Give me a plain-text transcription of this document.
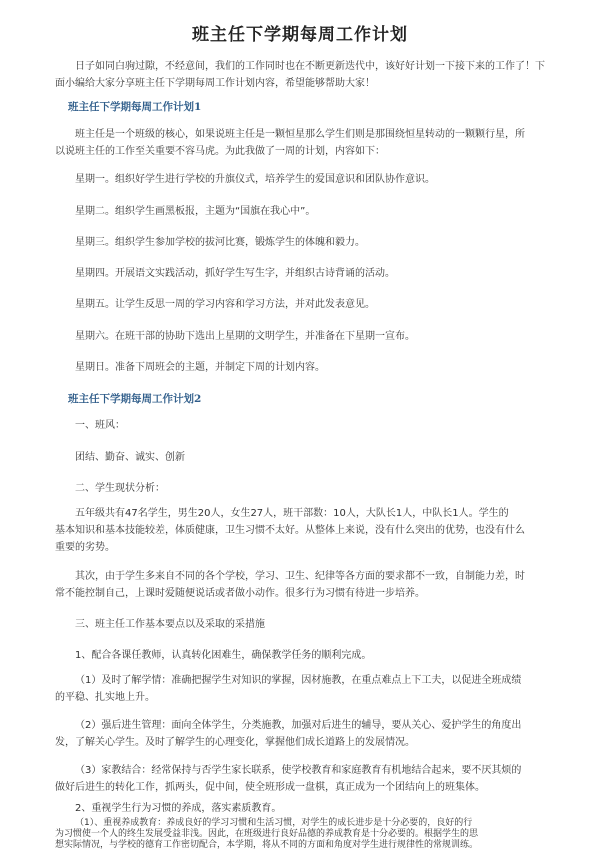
班主任下学期每周工作计划
日子如同白驹过隙，不经意间，我们的工作同时也在不断更新迭代中，该好好计划一下接下来的工作了！下
面小编给大家分享班主任下学期每周工作计划内容，希望能够帮助大家！
班主任下学期每周工作计划1
班主任是一个班级的核心，如果说班主任是一颗恒星那么学生们则是那围绕恒星转动的一颗颗行星，所
以说班主任的工作至关重要不容马虎。为此我做了一周的计划，内容如下：
星期一。组织好学生进行学校的升旗仪式，培养学生的爱国意识和团队协作意识。
星期二。组织学生画黑板报，主题为“国旗在我心中”。
星期三。组织学生参加学校的拔河比赛，锻炼学生的体魄和毅力。
星期四。开展语文实践活动，抓好学生写生字，并组织古诗背诵的活动。
星期五。让学生反思一周的学习内容和学习方法，并对此发表意见。
星期六。在班干部的协助下选出上星期的文明学生，并准备在下星期一宣布。
星期日。准备下周班会的主题，并制定下周的计划内容。
班主任下学期每周工作计划2
一、班风：
团结、勤奋、诚实、创新
二、学生现状分析：
五年级共有47名学生，男生20人，女生27人，班干部数：10人，大队长1人，中队长1人。学生的
基本知识和基本技能较差，体质健康，卫生习惯不太好。从整体上来说，没有什么突出的优势，也没有什么
重要的劣势。
其次，由于学生多来自不同的各个学校，学习、卫生、纪律等各方面的要求都不一致，自制能力差，时
常不能控制自己，上课时爱随便说话或者做小动作。很多行为习惯有待进一步培养。
三、班主任工作基本要点以及采取的采措施
1、配合各课任教师，认真转化困难生，确保教学任务的顺利完成。
（1）及时了解学情：准确把握学生对知识的掌握，因材施教，在重点难点上下工夫，以促进全班成绩
的平稳、扎实地上升。
（2）强后进生管理：面向全体学生，分类施教，加强对后进生的辅导，要从关心、爱护学生的角度出
发，了解关心学生。及时了解学生的心理变化，掌握他们成长道路上的发展情况。
（3）家教结合：经常保持与否学生家长联系，使学校教育和家庭教育有机地结合起来，要不厌其烦的
做好后进生的转化工作，抓两头，促中间，使全班形成一盘棋，真正成为一个团结向上的班集体。
2、重视学生行为习惯的养成，落实素质教育。
（1）、重视养成教育：养成良好的学习习惯和生活习惯，对学生的成长进步是十分必要的，良好的行
为习惯使一个人的终生发展受益非浅。因此，在班级进行良好品德的养成教育是十分必要的。根据学生的思
想实际情况，与学校的德育工作密切配合，本学期，将从不同的方面和角度对学生进行规律性的常规训练。
